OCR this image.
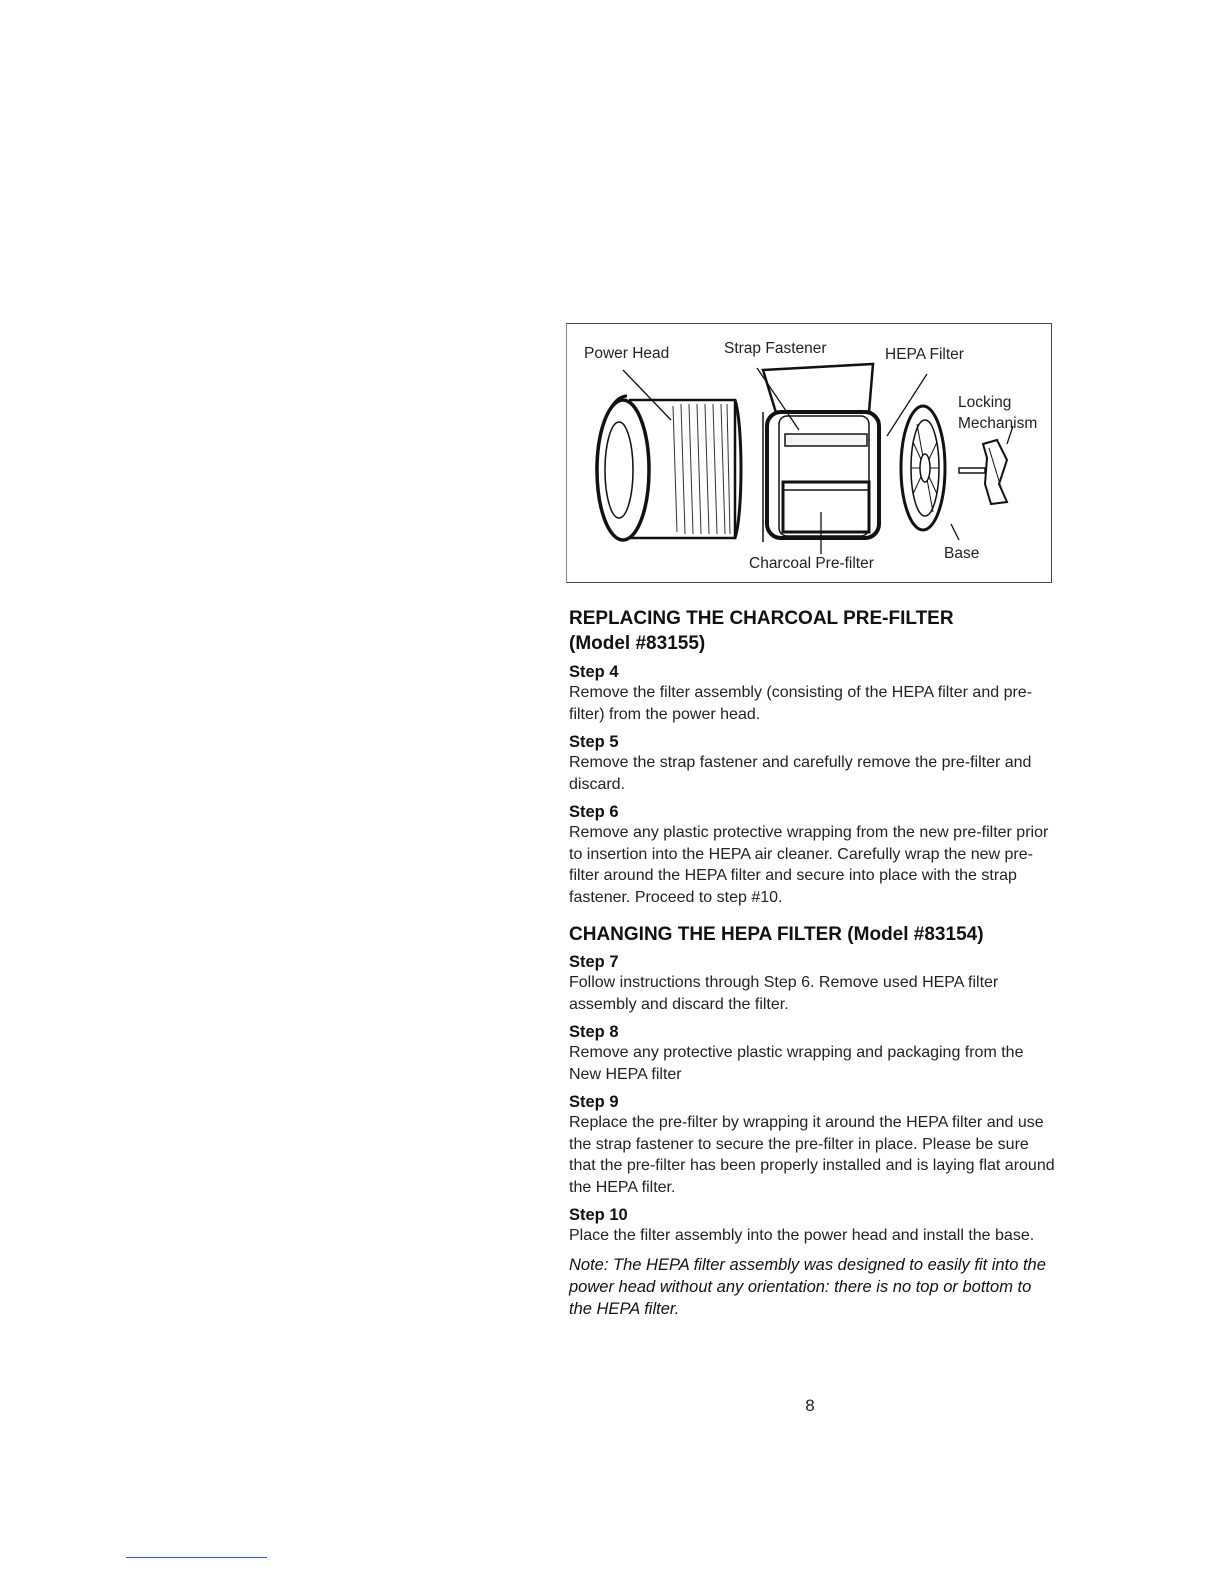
Power Head	Strap Fastener	HEPA Filter
Locking
Mechanism
Charcoal Pre-filter
Base
REPLACING THE CHARCOAL PRE-FILTER
(Model #83155)

Step 4

Remove the filter assembly (consisting of the HEPA filter and pre-filter) from the power head.

Step 5

Remove the strap fastener and carefully remove the pre-filter and discard.

Step 6

Remove any plastic protective wrapping from the new pre-filter prior to insertion into the HEPA air cleaner. Carefully wrap the new pre-filter around the HEPA filter and secure into place with the strap fastener. Proceed to step #10.

CHANGING THE HEPA FILTER (Model #83154)

Step 7

Follow instructions through Step 6. Remove used HEPA filter assembly and discard the filter.

Step 8

Remove any protective plastic wrapping and packaging from the New HEPA filter

Step 9

Replace the pre-filter by wrapping it around the HEPA filter and use the strap fastener to secure the pre-filter in place. Please be sure that the pre-filter has been properly installed and is laying flat around the HEPA filter.

Step 10

Place the filter assembly into the power head and install the base.

Note: The HEPA filter assembly was designed to easily fit into the power head without any orientation: there is no top or bottom to the HEPA filter.

8
